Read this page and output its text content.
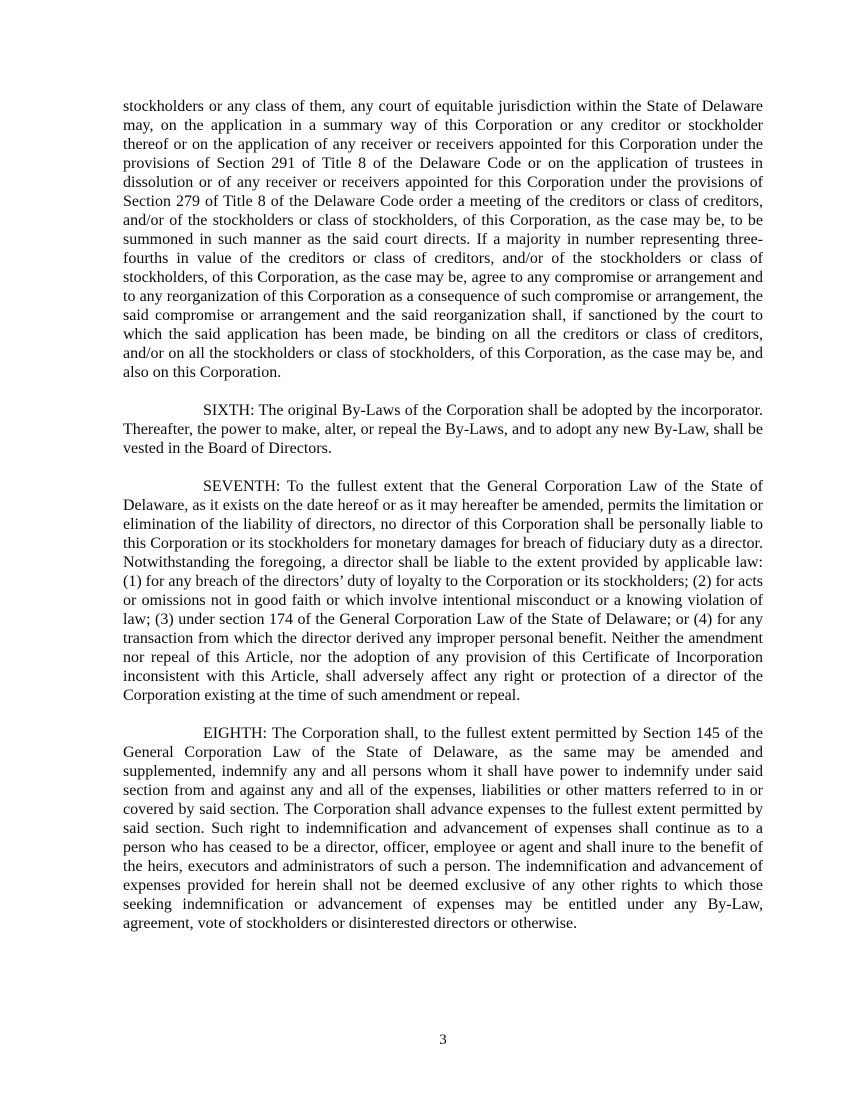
stockholders or any class of them, any court of equitable jurisdiction within the State of Delaware may, on the application in a summary way of this Corporation or any creditor or stockholder thereof or on the application of any receiver or receivers appointed for this Corporation under the provisions of Section 291 of Title 8 of the Delaware Code or on the application of trustees in dissolution or of any receiver or receivers appointed for this Corporation under the provisions of Section 279 of Title 8 of the Delaware Code order a meeting of the creditors or class of creditors, and/or of the stockholders or class of stockholders, of this Corporation, as the case may be, to be summoned in such manner as the said court directs. If a majority in number representing three-fourths in value of the creditors or class of creditors, and/or of the stockholders or class of stockholders, of this Corporation, as the case may be, agree to any compromise or arrangement and to any reorganization of this Corporation as a consequence of such compromise or arrangement, the said compromise or arrangement and the said reorganization shall, if sanctioned by the court to which the said application has been made, be binding on all the creditors or class of creditors, and/or on all the stockholders or class of stockholders, of this Corporation, as the case may be, and also on this Corporation.

SIXTH: The original By-Laws of the Corporation shall be adopted by the incorporator. Thereafter, the power to make, alter, or repeal the By-Laws, and to adopt any new By-Law, shall be vested in the Board of Directors.

SEVENTH: To the fullest extent that the General Corporation Law of the State of Delaware, as it exists on the date hereof or as it may hereafter be amended, permits the limitation or elimination of the liability of directors, no director of this Corporation shall be personally liable to this Corporation or its stockholders for monetary damages for breach of fiduciary duty as a director. Notwithstanding the foregoing, a director shall be liable to the extent provided by applicable law: (1) for any breach of the directors’ duty of loyalty to the Corporation or its stockholders; (2) for acts or omissions not in good faith or which involve intentional misconduct or a knowing violation of law; (3) under section 174 of the General Corporation Law of the State of Delaware; or (4) for any transaction from which the director derived any improper personal benefit. Neither the amendment nor repeal of this Article, nor the adoption of any provision of this Certificate of Incorporation inconsistent with this Article, shall adversely affect any right or protection of a director of the Corporation existing at the time of such amendment or repeal.

EIGHTH: The Corporation shall, to the fullest extent permitted by Section 145 of the General Corporation Law of the State of Delaware, as the same may be amended and supplemented, indemnify any and all persons whom it shall have power to indemnify under said section from and against any and all of the expenses, liabilities or other matters referred to in or covered by said section. The Corporation shall advance expenses to the fullest extent permitted by said section. Such right to indemnification and advancement of expenses shall continue as to a person who has ceased to be a director, officer, employee or agent and shall inure to the benefit of the heirs, executors and administrators of such a person. The indemnification and advancement of expenses provided for herein shall not be deemed exclusive of any other rights to which those seeking indemnification or advancement of expenses may be entitled under any By-Law, agreement, vote of stockholders or disinterested directors or otherwise.

3
